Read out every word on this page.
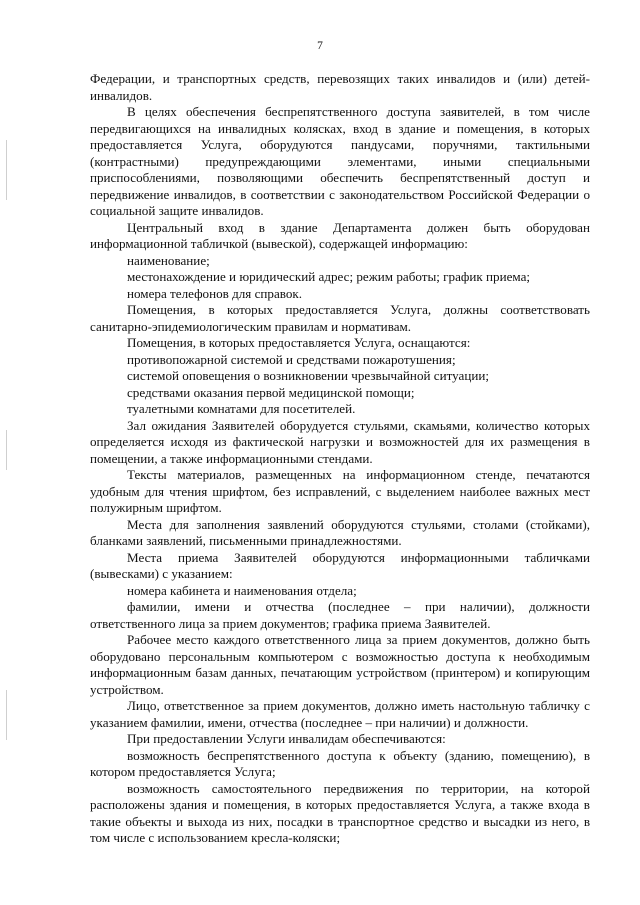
7

Федерации, и транспортных средств, перевозящих таких инвалидов и (или) детей-инвалидов.

В целях обеспечения беспрепятственного доступа заявителей, в том числе передвигающихся на инвалидных колясках, вход в здание и помещения, в которых предоставляется Услуга, оборудуются пандусами, поручнями, тактильными (контрастными) предупреждающими элементами, иными специальными приспособлениями, позволяющими обеспечить беспрепятственный доступ и передвижение инвалидов, в соответствии с законодательством Российской Федерации о социальной защите инвалидов.

Центральный вход в здание Департамента должен быть оборудован информационной табличкой (вывеской), содержащей информацию:

наименование;

местонахождение и юридический адрес; режим работы; график приема;

номера телефонов для справок.

Помещения, в которых предоставляется Услуга, должны соответствовать санитарно-эпидемиологическим правилам и нормативам.

Помещения, в которых предоставляется Услуга, оснащаются:

противопожарной системой и средствами пожаротушения;

системой оповещения о возникновении чрезвычайной ситуации;

средствами оказания первой медицинской помощи;

туалетными комнатами для посетителей.

Зал ожидания Заявителей оборудуется стульями, скамьями, количество которых определяется исходя из фактической нагрузки и возможностей для их размещения в помещении, а также информационными стендами.

Тексты материалов, размещенных на информационном стенде, печатаются удобным для чтения шрифтом, без исправлений, с выделением наиболее важных мест полужирным шрифтом.

Места для заполнения заявлений оборудуются стульями, столами (стойками), бланками заявлений, письменными принадлежностями.

Места приема Заявителей оборудуются информационными табличками (вывесками) с указанием:

номера кабинета и наименования отдела;

фамилии, имени и отчества (последнее – при наличии), должности ответственного лица за прием документов; графика приема Заявителей.

Рабочее место каждого ответственного лица за прием документов, должно быть оборудовано персональным компьютером с возможностью доступа к необходимым информационным базам данных, печатающим устройством (принтером) и копирующим устройством.

Лицо, ответственное за прием документов, должно иметь настольную табличку с указанием фамилии, имени, отчества (последнее – при наличии) и должности.

При предоставлении Услуги инвалидам обеспечиваются:

возможность беспрепятственного доступа к объекту (зданию, помещению), в котором предоставляется Услуга;

возможность самостоятельного передвижения по территории, на которой расположены здания и помещения, в которых предоставляется Услуга, а также входа в такие объекты и выхода из них, посадки в транспортное средство и высадки из него, в том числе с использованием кресла-коляски;
